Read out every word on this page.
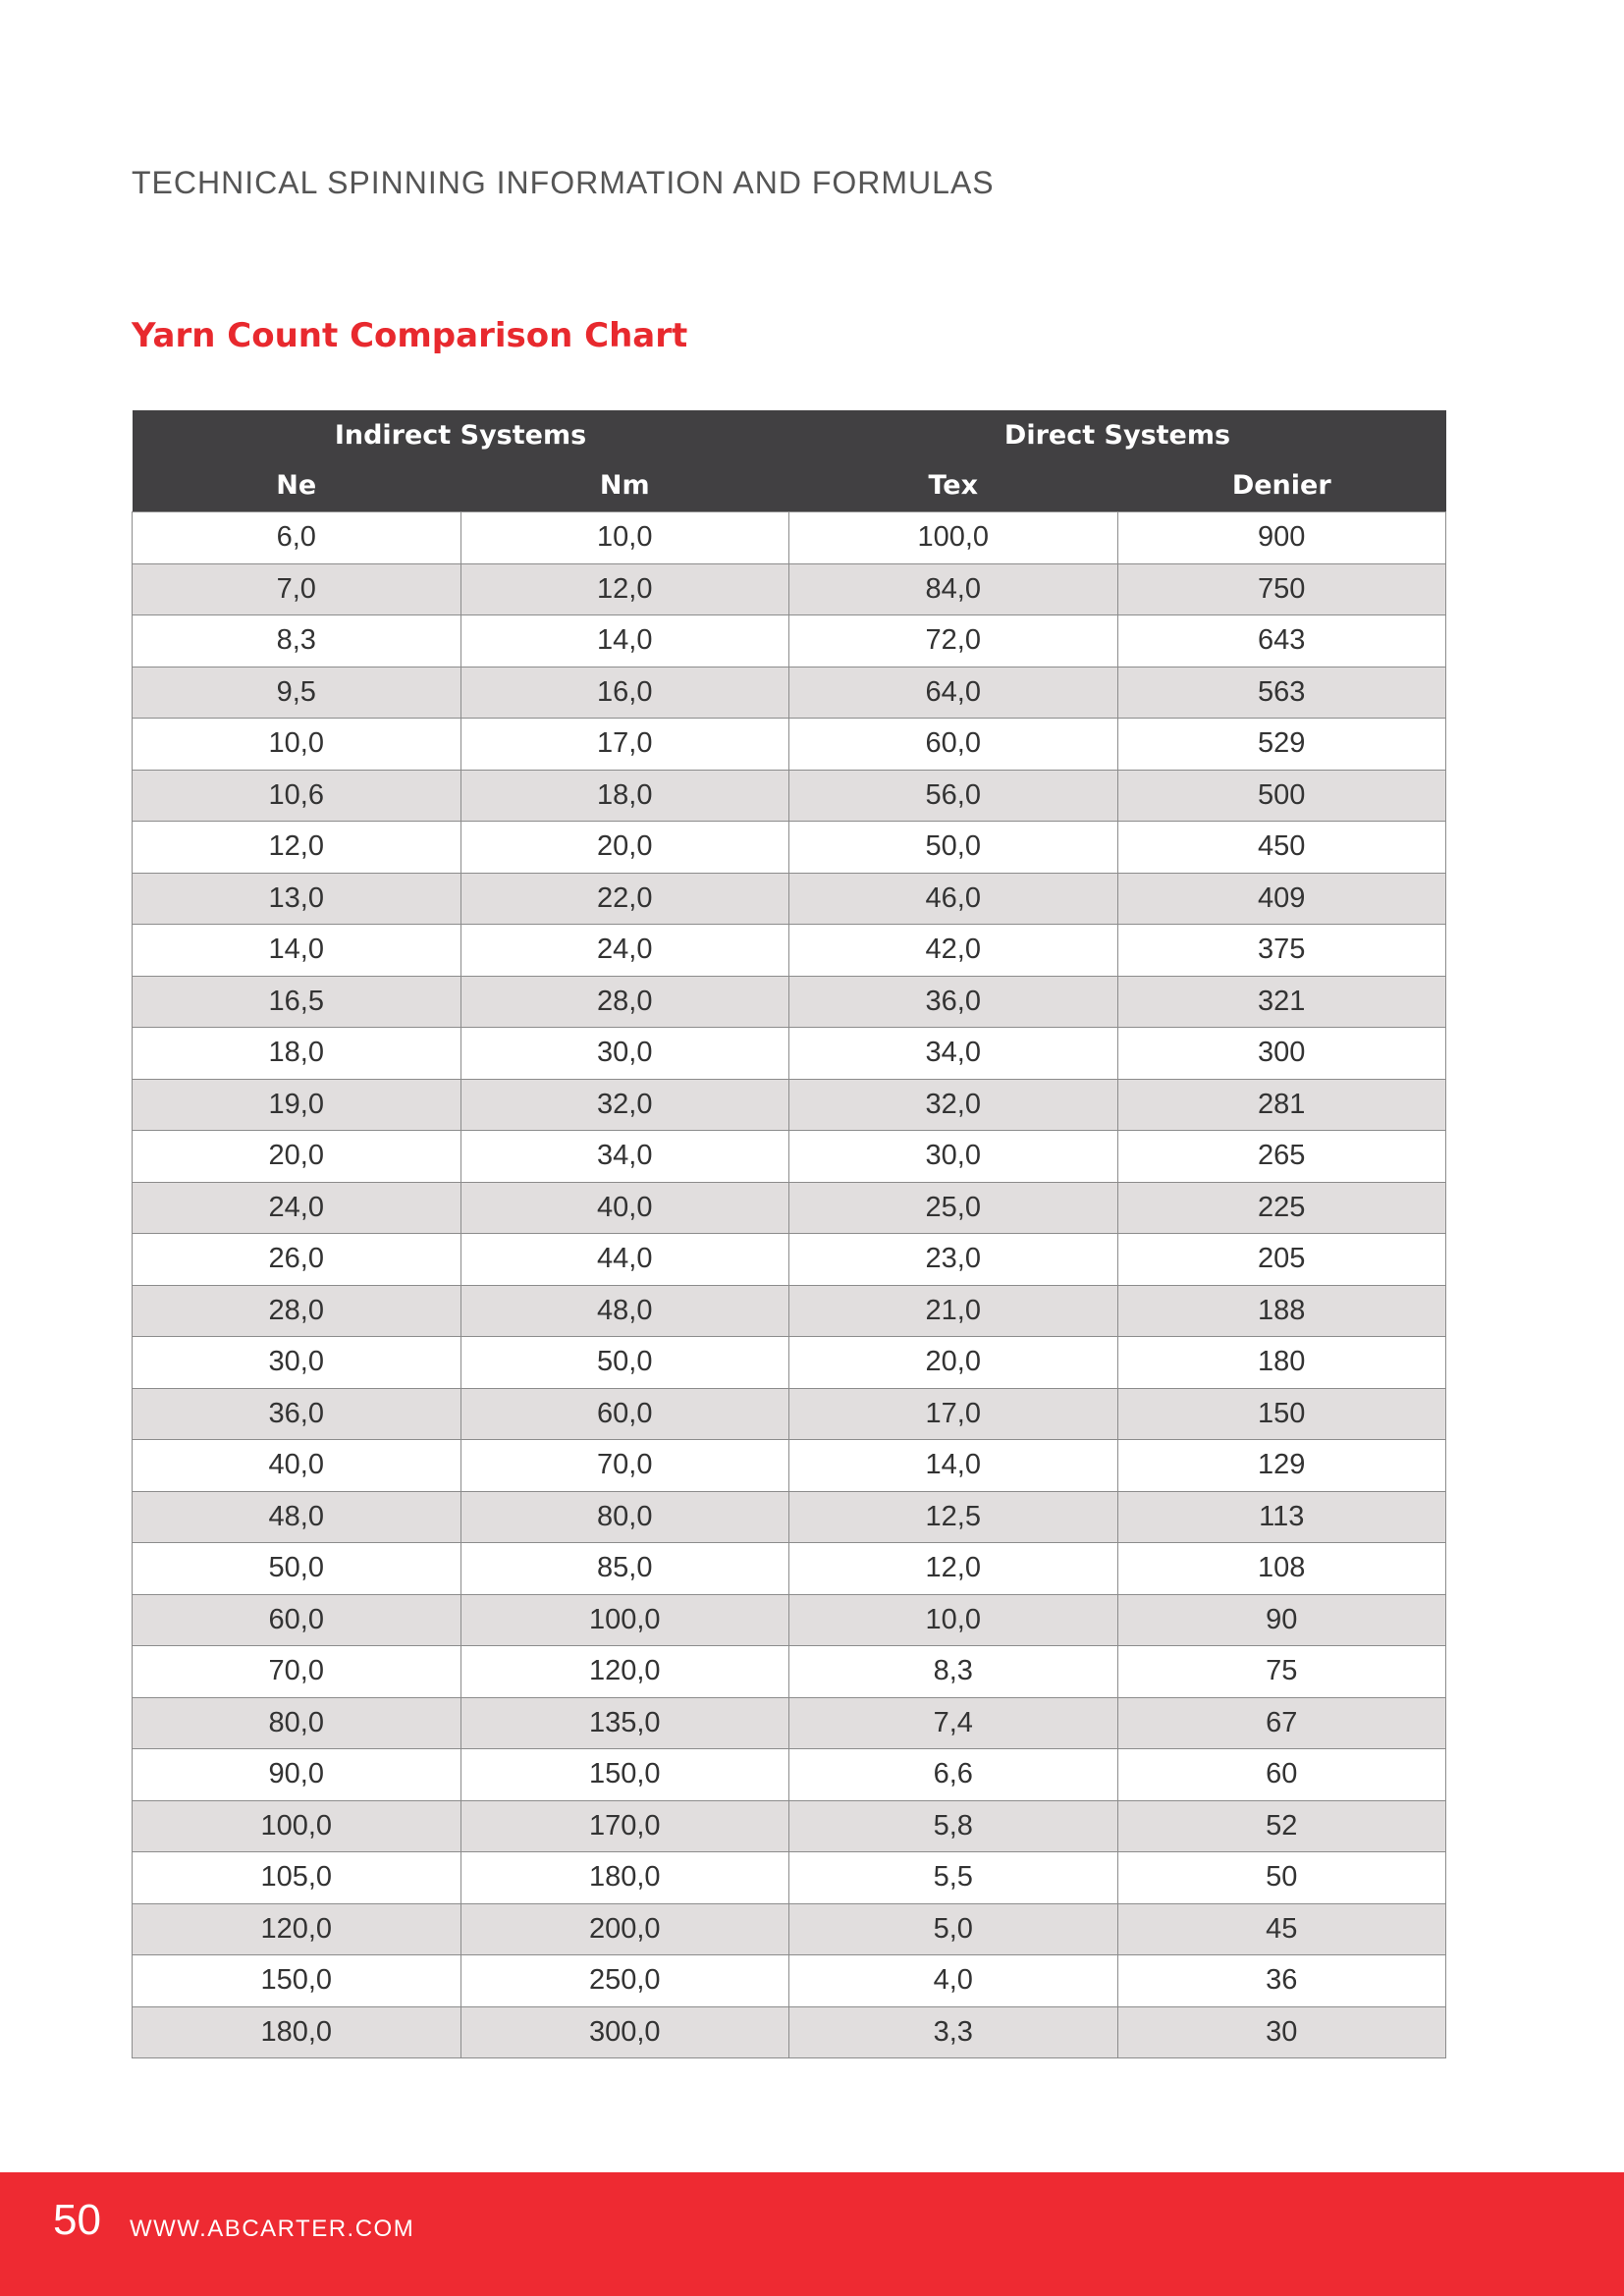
TECHNICAL SPINNING INFORMATION AND FORMULAS
Yarn Count Comparison Chart
Indirect Systems		Direct Systems	
Ne	Nm	Tex	Denier
6,0	10,0	100,0	900
7,0	12,0	84,0	750
8,3	14,0	72,0	643
9,5	16,0	64,0	563
10,0	17,0	60,0	529
10,6	18,0	56,0	500
12,0	20,0	50,0	450
13,0	22,0	46,0	409
14,0	24,0	42,0	375
16,5	28,0	36,0	321
18,0	30,0	34,0	300
19,0	32,0	32,0	281
20,0	34,0	30,0	265
24,0	40,0	25,0	225
26,0	44,0	23,0	205
28,0	48,0	21,0	188
30,0	50,0	20,0	180
36,0	60,0	17,0	150
40,0	70,0	14,0	129
48,0	80,0	12,5	113
50,0	85,0	12,0	108
60,0	100,0	10,0	90
70,0	120,0	8,3	75
80,0	135,0	7,4	67
90,0	150,0	6,6	60
100,0	170,0	5,8	52
105,0	180,0	5,5	50
120,0	200,0	5,0	45
150,0	250,0	4,0	36
180,0	300,0	3,3	30
50 WWW.ABCARTER.COM
